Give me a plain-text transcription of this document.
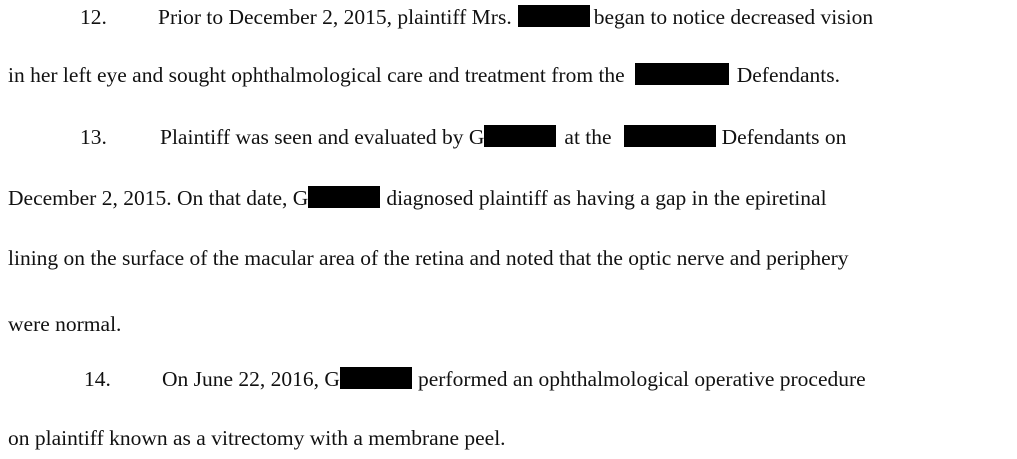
12. Prior to December 2, 2015, plaintiff Mrs.	began to notice decreased vision
in her left eye and sought ophthalmological care and treatment from the	Defendants.
13. Plaintiff was seen and evaluated by G	at the	Defendants on
December 2, 2015. On that date, G	diagnosed plaintiff as having a gap in the epiretinal
lining on the surface of the macular area of the retina and noted that the optic nerve and periphery
were normal.
14. On June 22, 2016, G	performed an ophthalmological operative procedure
on plaintiff known as a vitrectomy with a membrane peel.
